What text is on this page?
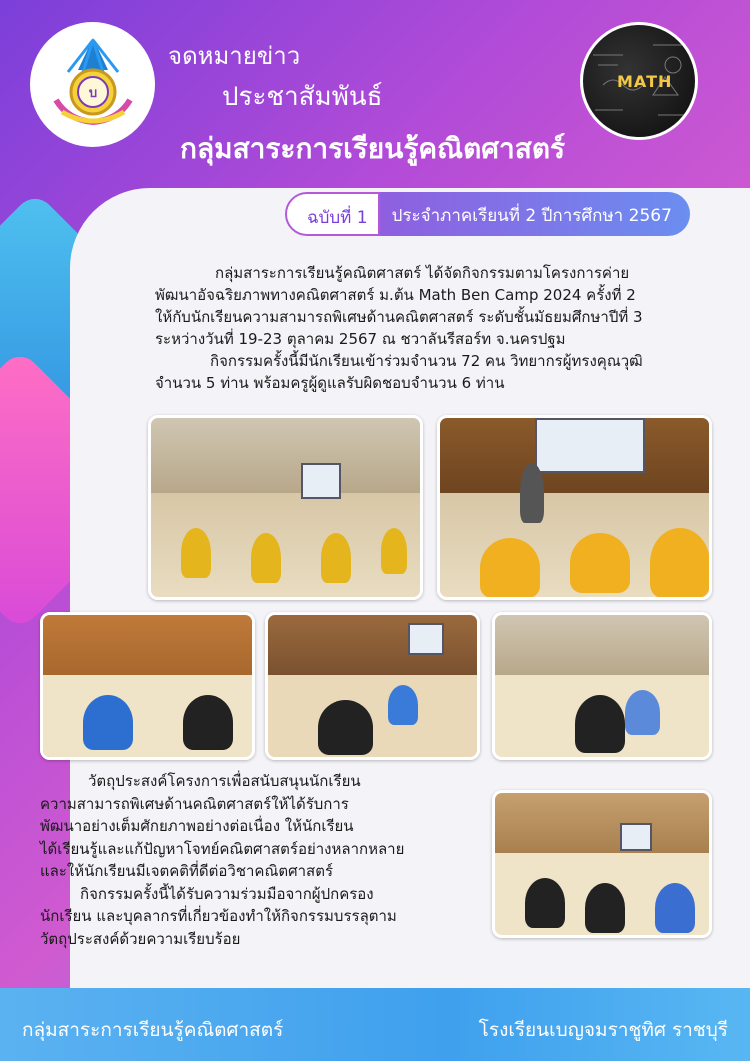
บ
MATH
จดหมายข่าว
ประชาสัมพันธ์
กลุ่มสาระการเรียนรู้คณิตศาสตร์
ฉบับที่ 1	ประจำภาคเรียนที่ 2 ปีการศึกษา 2567
กลุ่มสาระการเรียนรู้คณิตศาสตร์ ได้จัดกิจกรรมตามโครงการค่าย
พัฒนาอัจฉริยภาพทางคณิตศาสตร์ ม.ต้น Math Ben Camp 2024 ครั้งที่ 2
ให้กับนักเรียนความสามารถพิเศษด้านคณิตศาสตร์ ระดับชั้นมัธยมศึกษาปีที่ 3
ระหว่างวันที่ 19-23 ตุลาคม 2567 ณ ชวาลันรีสอร์ท จ.นครปฐม
กิจกรรมครั้งนี้มีนักเรียนเข้าร่วมจำนวน 72 คน วิทยากรผู้ทรงคุณวุฒิ
จำนวน 5 ท่าน พร้อมครูผู้ดูแลรับผิดชอบจำนวน 6 ท่าน
วัตถุประสงค์โครงการเพื่อสนับสนุนนักเรียน
ความสามารถพิเศษด้านคณิตศาสตร์ให้ได้รับการ
พัฒนาอย่างเต็มศักยภาพอย่างต่อเนื่อง ให้นักเรียน
ได้เรียนรู้และแก้ปัญหาโจทย์คณิตศาสตร์อย่างหลากหลาย
และให้นักเรียนมีเจตคติที่ดีต่อวิชาคณิตศาสตร์
กิจกรรมครั้งนี้ได้รับความร่วมมือจากผู้ปกครอง
นักเรียน และบุคลากรที่เกี่ยวข้องทำให้กิจกรรมบรรลุตาม
วัตถุประสงค์ด้วยความเรียบร้อย
กลุ่มสาระการเรียนรู้คณิตศาสตร์	โรงเรียนเบญจมราชูทิศ ราชบุรี
